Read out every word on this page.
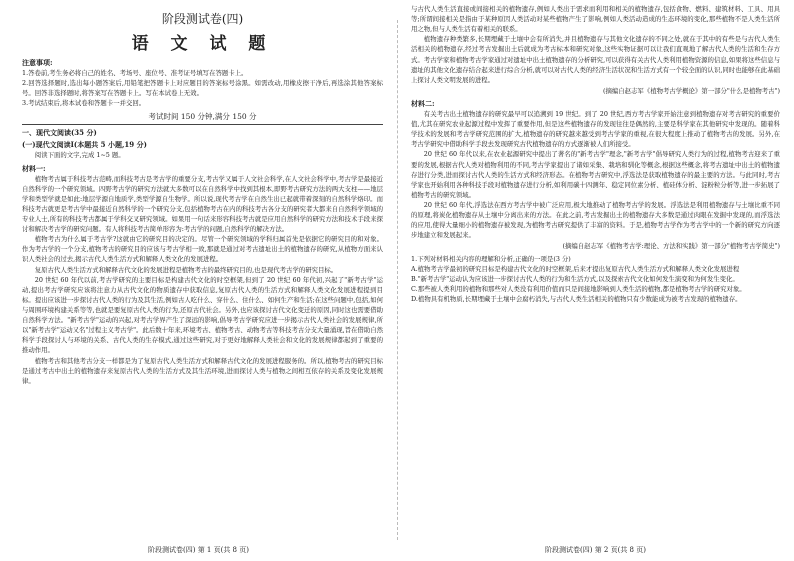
阶段测试卷(四)
语 文 试 题
注意事项:

1.答卷前,考生务必将自己的姓名、考场号、座位号、准考证号填写在答题卡上。

2.回答选择题时,选出每小题答案后,用铅笔把答题卡上对应题目的答案标号涂黑。如需改动,用橡皮擦干净后,再选涂其他答案标号。回答非选择题时,将答案写在答题卡上。写在本试卷上无效。

3.考试结束后,将本试卷和答题卡一并交回。

考试时间 150 分钟,满分 150 分
一、现代文阅读(35 分)
(一)现代文阅读Ⅰ(本题共 5 小题,19 分)

阅读下面的文字,完成 1~5 题。

材料一:

植物考古属于科技考古范畴,而科技考古是考古学的重要分支,考古学又属于人文社会科学,在人文社会科学中,考古学是最接近自然科学的一个研究领域。四野考古学的研究方法就大多数可以在自然科学中找到其根本,即野考古研究方法的两大支柱——地层学和类型学就是如此:地层学源自地质学,类型学源自生物学。所以说,现代考古学在自然生出已起就带着深刻的自然科学烙印。而科技考古就更是考古学中最接近自然科学的一个研究分支,包括植物考古在内的科技考古各分支的研究者大都来自自然科学领域的专业人士,所有的科技考古都属于学科交叉研究领域。如果用一句话来形容科技考古就是应用自然科学的研究方法和技术手段来探讨和解决考古学的研究问题。有人将科技考古简单形容为:考古学的问题,自然科学的解决方法。

植物考古为什么属于考古学?这就由它的研究目的决定的。尽管一个研究领域的学科归属首先是依据它的研究目的和对象。作为考古学的一个分支,植物考古的研究目的应该与考古学相一致,那就是通过对考古遗址出土的植物遗存的研究,从植物方面来认识人类社会的过去,揭示古代人类生活方式和解释人类文化的发展进程。

复原古代人类生活方式和解释古代文化的发展进程是植物考古的最终研究目的,也是现代考古学的研究目标。

20 世纪 60 年代以前,考古学研究的主要目标是构建古代文化的时空框架,但到了 20 世纪 60 年代初,兴起了"新考古学"运动,提出考古学研究应该将注意力从古代文化的物质遗存中获取信息,复原古代人类的生活方式和解释人类文化发展进程提到目标。提出应该进一步探讨古代人类的行为及其生活,例如古人吃什么、穿什么、住什么、如何生产和生活;在这些问题中,包括,如何与周围环境构建关系等等,也就是要复原古代人类的行为,还原古代社会。另外,也应该探讨古代文化变迁的原因,同时这也需要借助自然科学方法。"新考古学"运动的兴起,对考古学界产生了深远的影响,倡导考古学研究应进一步揭示古代人类社会的发展规律,所以"新考古学"运动又名"过程主义考古学"。此后数十年来,环境考古、植物考古、动物考古等科技考古分支大量涌现,旨在借助自然科学手段探讨人与环境的关系、古代人类的生存模式,通过这些研究,对于更好地解释人类社会和文化的发展规律都起到了重要的推动作用。

植物考古和其他考古分支一样都是为了复原古代人类生活方式和解释古代文化的发展进程服务的。所以,植物考古的研究目标是通过考古中出土的植物遗存来复原古代人类的生活方式及其生活环境,进而探讨人类与植物之间相互依存的关系及变化发展规律。

阶段测试卷(四) 第 1 页(共 8 页)

与古代人类生活直接或间接相关的植物遗存,例如人类出于需求而利用和相关的植物遗存,包括食物、燃料、建筑材料、工具、用具等;所谓间接相关是指由于某种原因人类活动对某些植物产生了影响,例如人类活动造成的生态环境的变化,那些植物不是人类生活所用之物,但与人类生活有着相关的联系。

植物遗存种类繁多,长期埋藏于土壤中会有所消失,并且植物遗存与其他文化遗存的不同之处,就在于其中的有些是与古代人类生活相关的植物遗存,经过考古发掘出土后就成为考古标本和研究对象,这些实物证据可以让我们直观地了解古代人类的生活和生存方式。考古学家和植物考古学家通过对遗址中出土植物遗存的分析研究,可以获得有关古代人类利用植物资源的信息,如果将这些信息与遗址的其他文化遗存结合起来进行综合分析,就可以对古代人类的经济生活状况和生活方式有一个较全面的认识,同时也能够在此基础上探讨人类文明发展的进程。

(摘编自赵志军《植物考古学概论》第一部分"什么是植物考古")

材料二:

有关考古出土植物遗存的研究最早可以追溯到 19 世纪。到了 20 世纪,西方考古学家开始注意到植物遗存对考古研究的重要价值,尤其在研究农业起源过程中发挥了重要作用,但是这些植物遗存的发现往往是偶然的,主要是科学家在其他研究中发现的。随着科学技术的发展和考古学研究范围的扩大,植物遗存的研究越来越受到考古学家的重视,在很大程度上推动了植物考古的发展。另外,在考古学研究中借助科学手段去发现研究古代植物遗存的方式逐渐被人们所接受。

20 世纪 60 年代以来,在农业起源研究中提出了著名的"新考古学"理念,"新考古学"倡导研究人类行为的过程,植物考古迎来了重要的发展,根据古代人类对植物利用的不同,考古学家提出了诸如采集、栽培和驯化等概念,根据这些概念,将考古遗址中出土的植物遗存进行分类,进而探讨古代人类的生活方式和经济形态。在植物考古研究中,浮选法是获取植物遗存的最主要的方法。与此同时,考古学家也开始利用各种科技手段对植物遗存进行分析,如利用碳十四测年、稳定同位素分析、植硅体分析、淀粉粒分析等,进一步拓展了植物考古的研究领域。

20 世纪 60 年代,浮选法在西方考古学中被广泛应用,极大地推动了植物考古学的发展。浮选法是利用植物遗存与土壤比重不同的原理,将炭化植物遗存从土壤中分离出来的方法。在此之前,考古发掘出土的植物遗存大多数是通过肉眼在发掘中发现的,而浮选法的应用,使得大量细小的植物遗存被发现,为植物考古研究提供了丰富的资料。于是,植物考古学作为考古学中的一个新的研究方向逐步地建立和发展起来。

(摘编自赵志军《植物考古学:理论、方法和实践》第一部分"植物考古学简史")

1.下列对材料相关内容的理解和分析,正确的一项是(3 分)

A.植物考古学最初的研究目标是构建古代文化的时空框架,后来才提出复原古代人类生活方式和解释人类文化发展进程

B."新考古学"运动认为应该进一步探讨古代人类的行为和生活方式,以及探索古代文化如何发生演变和为何发生变化。

C.那些被人类利用的植物和那些对人类没有利用价值而只是间接地影响到人类生活的植物,都是植物考古学的研究对象。

D.植物具有机物质,长期埋藏于土壤中会腐朽消失,与古代人类生活相关的植物只有少数能成为被考古发现的植物遗存。

阶段测试卷(四) 第 2 页(共 8 页)
